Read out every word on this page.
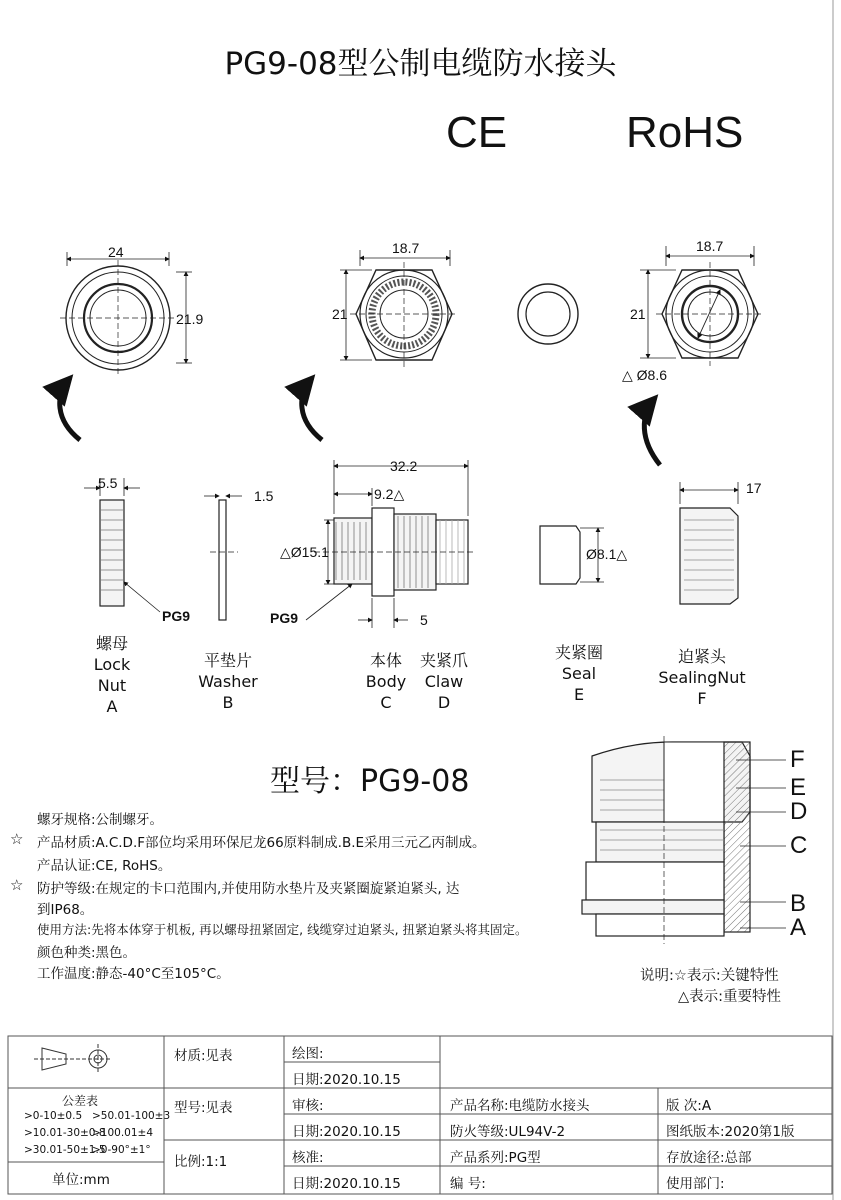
PG9-08型公制电缆防水接头
CE	RoHS
24
21.9
18.7
21
18.7
21
△ Ø8.6
5.5
1.5
32.2
9.2△
△Ø15.1
5
Ø8.1△
17
PG9	PG9
螺母
Lock
Nut
A
平垫片
Washer
B
本体
Body
C
夹紧爪
Claw
D
夹紧圈
Seal
E
迫紧头
SealingNut
F
型号：PG9-08
螺牙规格:公制螺牙。
☆ 产品材质:A.C.D.F部位均采用环保尼龙66原料制成.B.E采用三元乙丙制成。
产品认证:CE, RoHS。
☆ 防护等级:在规定的卡口范围内,并使用防水垫片及夹紧圈旋紧迫紧头, 达
到IP68。
使用方法:先将本体穿于机板, 再以螺母扭紧固定, 线缆穿过迫紧头, 扭紧迫紧头将其固定。
颜色种类:黑色。
工作温度:静态-40°C至105°C。
F
E
D
C
B
A
说明:☆表示:关键特性
△表示:重要特性
公差表
>0-10±0.5 >50.01-100±3
>10.01-30±0.8
>100.01±4
>30.01-50±1.5
>0-90°±1°
单位:mm
材质:见表
型号:见表
比例:1:1
绘图:
日期:2020.10.15
审核:
日期:2020.10.15
核准:
日期:2020.10.15
产品名称:电缆防水接头
防火等级:UL94V-2
产品系列:PG型
编 号:
版 次:A
图纸版本:2020第1版
存放途径:总部
使用部门:
